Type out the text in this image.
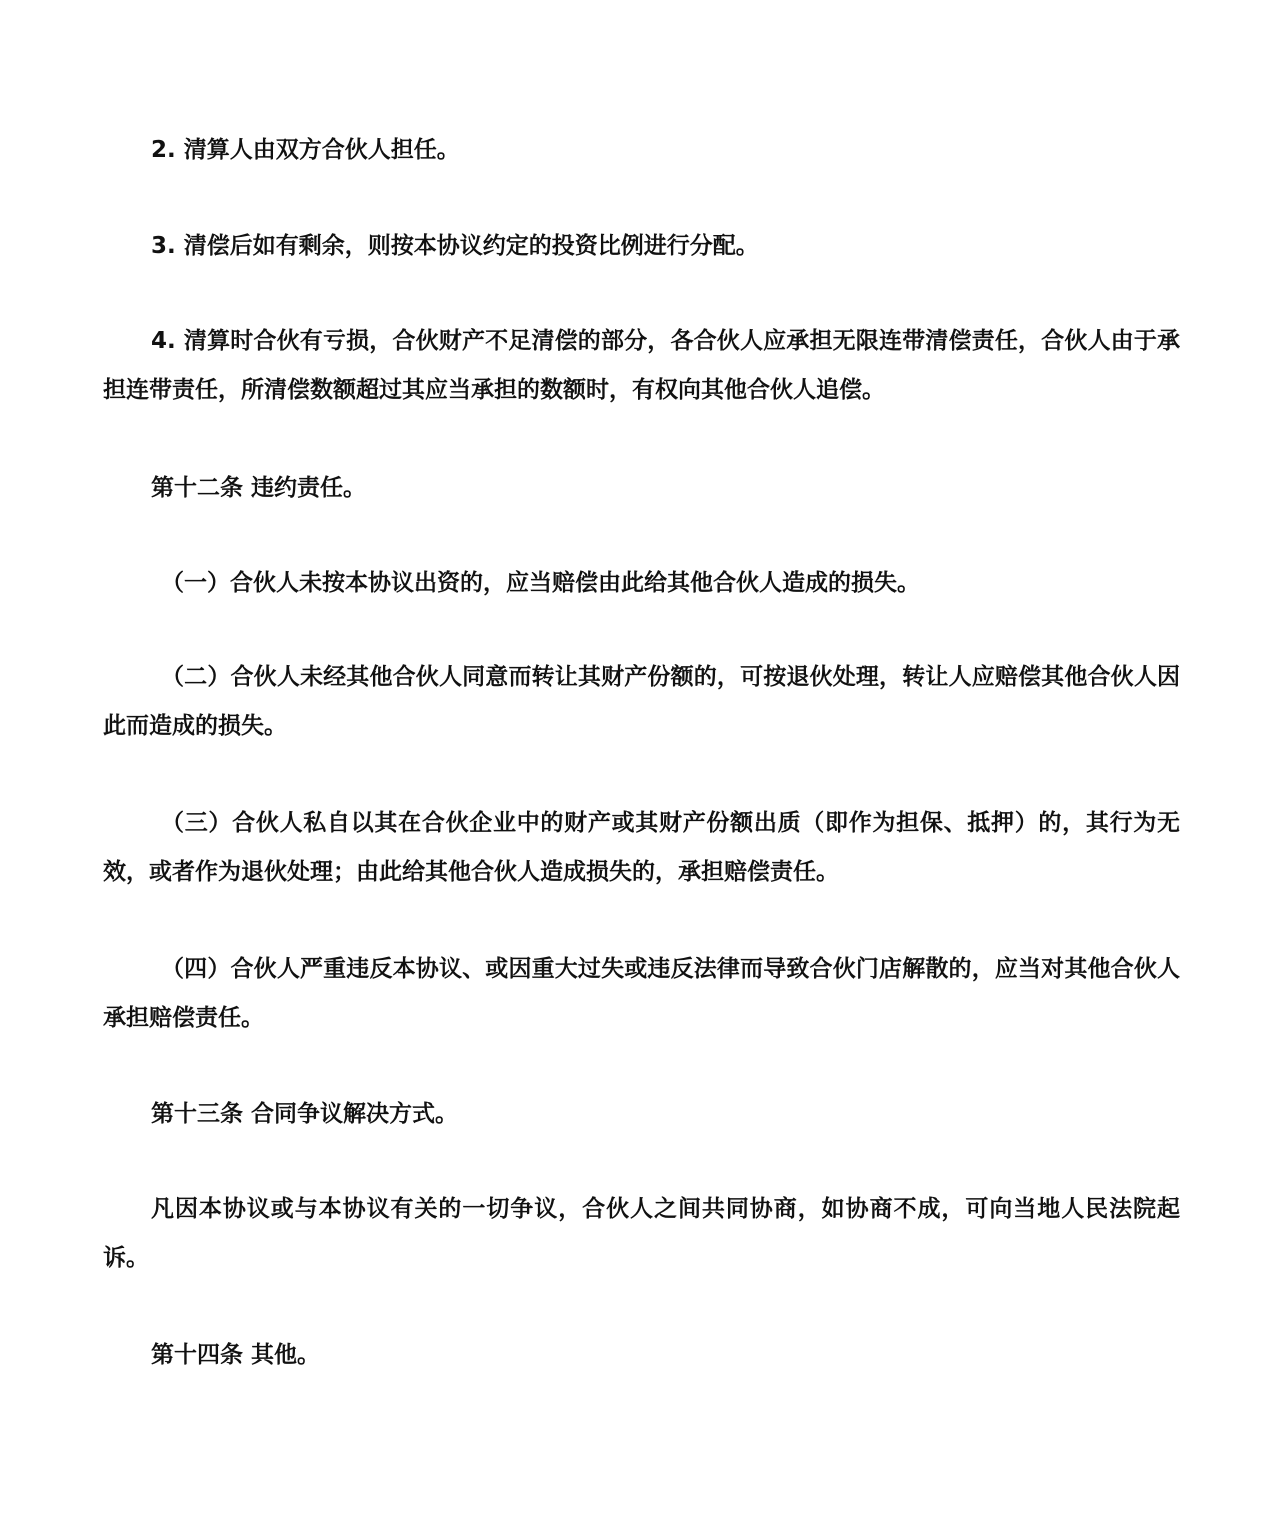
2. 清算人由双方合伙人担任。

3. 清偿后如有剩余，则按本协议约定的投资比例进行分配。

4. 清算时合伙有亏损，合伙财产不足清偿的部分，各合伙人应承担无限连带清偿责任，合伙人由于承担连带责任，所清偿数额超过其应当承担的数额时，有权向其他合伙人追偿。

第十二条 违约责任。

（一）合伙人未按本协议出资的，应当赔偿由此给其他合伙人造成的损失。

（二）合伙人未经其他合伙人同意而转让其财产份额的，可按退伙处理，转让人应赔偿其他合伙人因此而造成的损失。

（三）合伙人私自以其在合伙企业中的财产或其财产份额出质（即作为担保、抵押）的，其行为无效，或者作为退伙处理；由此给其他合伙人造成损失的，承担赔偿责任。

（四）合伙人严重违反本协议、或因重大过失或违反法律而导致合伙门店解散的，应当对其他合伙人承担赔偿责任。

第十三条 合同争议解决方式。

凡因本协议或与本协议有关的一切争议，合伙人之间共同协商，如协商不成，可向当地人民法院起诉。

第十四条 其他。
